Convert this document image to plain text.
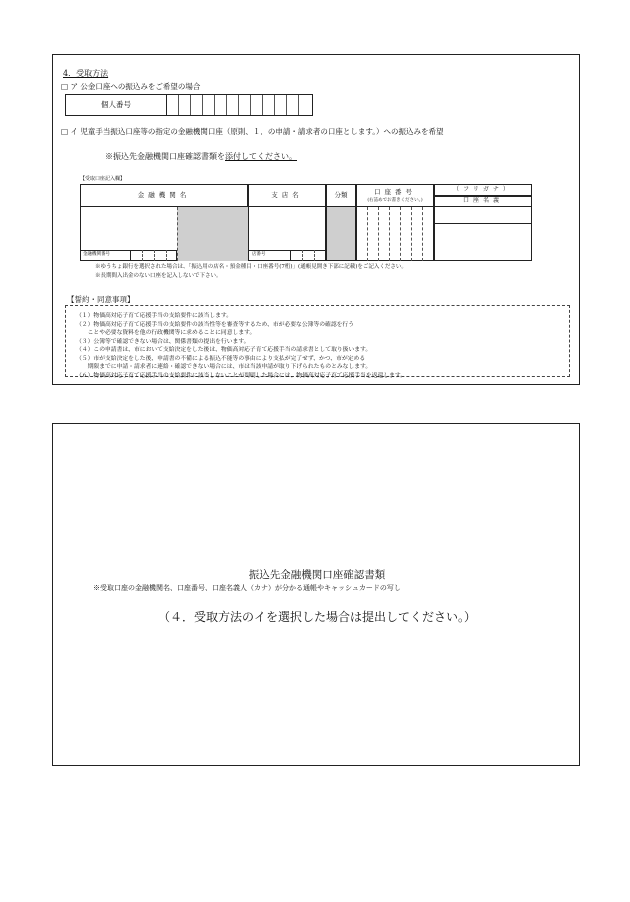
4．受取方法
□ ア 公金口座への振込みをご希望の場合
個人番号
□ イ 児童手当振込口座等の指定の金融機関口座（原則、１．の申請・請求者の口座とします。）への振込みを希望
※振込先金融機関口座確認書類を添付してください。
【受取口座記入欄】
金融機関名
金融機関番号
支店名
店番号
分類	口座番号
(右詰めでお書きください。)
（フリガナ）
口座名義
※ゆうちょ銀行を選択された場合は、「振込用の店名・預金種目・口座番号(7桁)」(通帳見開き下部に記載)をご記入ください。
※長期間入出金のない口座を記入しないで下さい。
【誓約・同意事項】
（１）物価高対応子育て応援手当の支給要件に該当します。
（２）物価高対応子育て応援手当の支給要件の該当性等を審査等するため、市が必要な公簿等の確認を行う
　　ことや必要な資料を他の行政機関等に求めることに同意します。
（３）公簿等で確認できない場合は、関係書類の提出を行います。
（４）この申請書は、市において支給決定をした後は、物価高対応子育て応援手当の請求書として取り扱います。
（５）市が支給決定をした後、申請書の不備による振込不能等の事由により支払が完了せず、かつ、市が定める
　　期限までに申請・請求者に連絡・確認できない場合には、市は当該申請が取り下げられたものとみなします。
（６）物価高対応子育て応援手当の支給要件に該当しないことが判明した場合には、物価高対応子育て応援手当を返還します。
振込先金融機関口座確認書類
※受取口座の金融機関名、口座番号、口座名義人（カナ）が分かる通帳やキャッシュカードの写し
（４．受取方法のイを選択した場合は提出してください。）
